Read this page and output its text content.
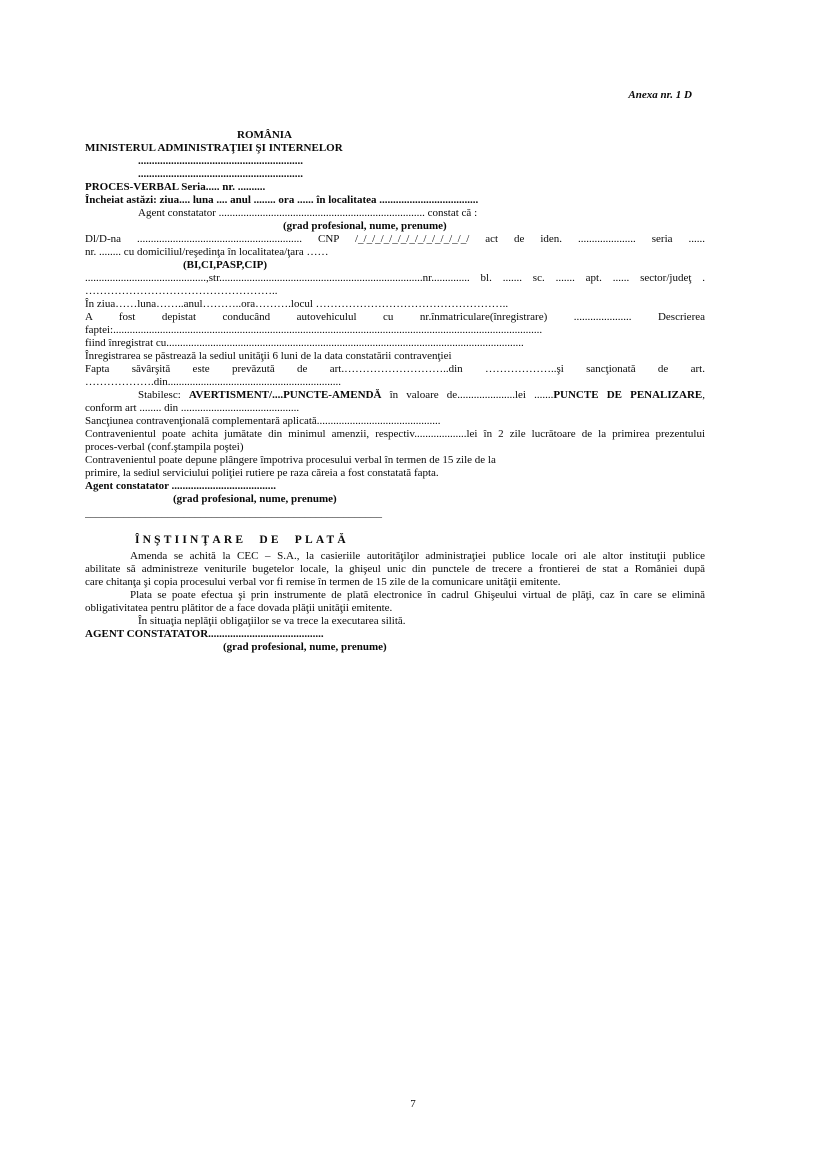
Anexa nr. 1 D
ROMÂNIA
MINISTERUL ADMINISTRAŢIEI ŞI INTERNELOR
............................................................
............................................................
PROCES-VERBAL Seria..... nr. ..........
Încheiat astăzi: ziua.... luna .... anul ........ ora ...... în localitatea ....................................
Agent constatator ........................................................................... constat că :
(grad profesional, nume, prenume)
Dl/D-na ............................................................ CNP /_/_/_/_/_/_/_/_/_/_/_/_/_/ act de iden. ..................... seria ......
nr. ........ cu domiciliul/reşedinţa în localitatea/ţara ……
(BI,CI,PASP,CIP)
............................................,str..........................................................................nr.............. bl. ....... sc. ....... apt. ...... sector/judeţ .
……………………………………………..
În ziua……luna……..anul………..ora……….locul ……………………………………………..
A fost depistat conducând autovehiculul cu nr.înmatriculare(înregistrare) ..................... Descrierea
faptei:............................................................................................................................................................
fiind înregistrat cu..................................................................................................................................
Înregistrarea se păstrează la sediul unităţii 6 luni de la data constatării contravenţiei
Fapta săvârşită este prevăzută de art.………………………..din ………………..şi sancţionată de art.
……………….din...............................................................
Stabilesc: AVERTISMENT/....PUNCTE-AMENDĂ în valoare de.....................lei .......PUNCTE DE PENALIZARE,
conform art ........ din ...........................................
Sancţiunea contravenţională complementară aplicată.............................................
Contravenientul poate achita jumătate din minimul amenzii, respectiv...................lei în 2 zile lucrătoare de la primirea prezentului
proces-verbal (conf.ştampila poştei)
Contravenientul poate depune plângere împotriva procesului verbal în termen de 15 zile de la
primire, la sediul serviciului poliţiei rutiere pe raza căreia a fost constatată fapta.
Agent constatator ......................................
(grad profesional, nume, prenume)
––––––––––––––––––––––––––––––––––––––––––––––––––––––
ÎNŞTIINŢARE DE PLATĂ
Amenda se achită la CEC – S.A., la casieriile autorităţilor administraţiei publice locale ori ale altor instituţii publice
abilitate să administreze veniturile bugetelor locale, la ghişeul unic din punctele de trecere a frontierei de stat a României după
care chitanţa şi copia procesului verbal vor fi remise în termen de 15 zile de la comunicare unităţii emitente.
Plata se poate efectua şi prin instrumente de plată electronice în cadrul Ghişeului virtual de plăţi, caz în care se elimină
obligativitatea pentru plătitor de a face dovada plăţii unităţii emitente.
În situaţia neplăţii obligaţiilor se va trece la executarea silită.
AGENT CONSTATATOR..........................................
(grad profesional, nume, prenume)
7
